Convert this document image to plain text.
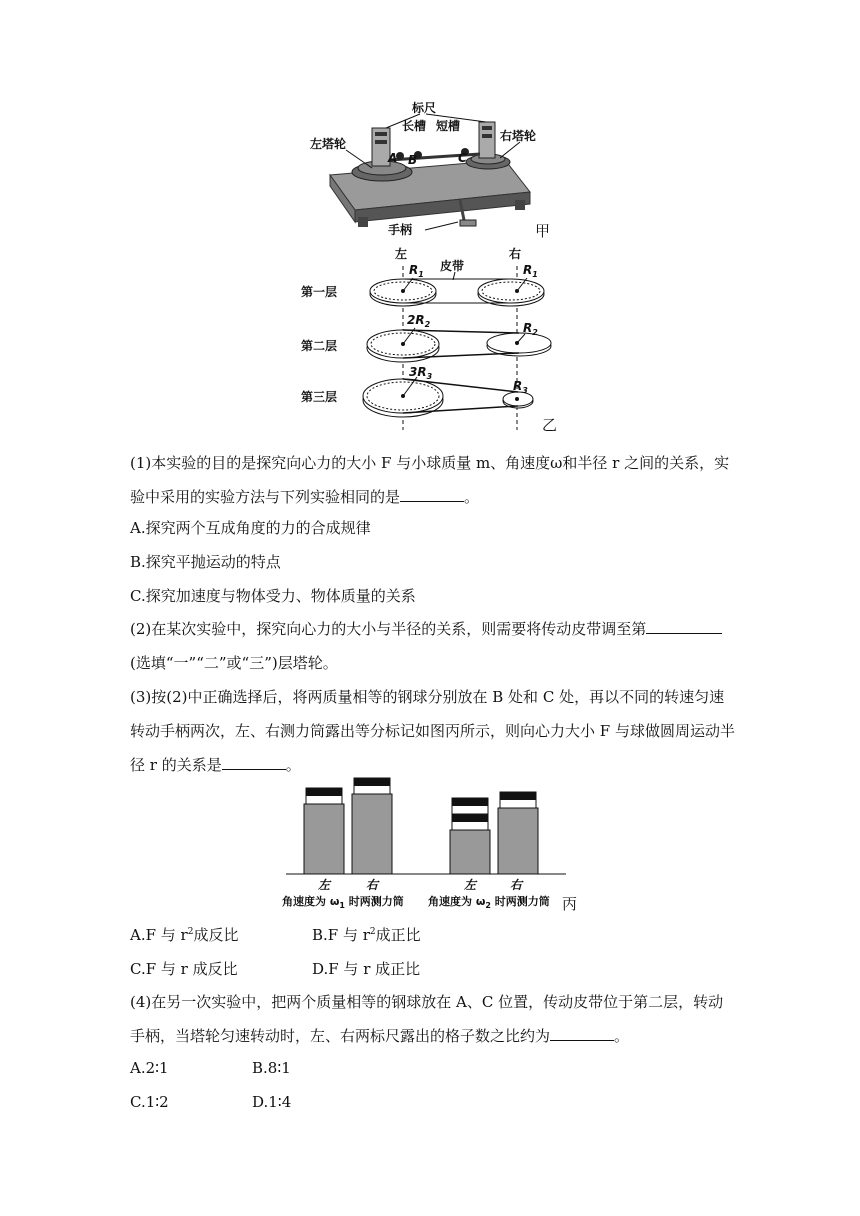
标尺
长槽 短槽
左塔轮
右塔轮
手柄
A B	C
甲
左	右
皮带
第一层
$R_1$	$R_1$
第二层
$2R_2$	$R_2$
第三层
$3R_3$
$R_3$
乙
(1)本实验的目的是探究向心力的大小 F 与小球质量 m、角速度ω和半径 r 之间的关系，实验中采用的实验方法与下列实验相同的是	。
A.探究两个互成角度的力的合成规律
B.探究平抛运动的特点
C.探究加速度与物体受力、物体质量的关系
(2)在某次实验中，探究向心力的大小与半径的关系，则需要将传动皮带调至第(选填“一”“二”或“三”)层塔轮。
(3)按(2)中正确选择后，将两质量相等的钢球分别放在 B 处和 C 处，再以不同的转速匀速转动手柄两次，左、右测力筒露出等分标记如图丙所示，则向心力大小 F 与球做圆周运动半径 r 的关系是	。
左	右	左	右
角速度为 $\omega_1$ 时两测力筒 角速度为 $\omega_2$ 时两测力筒 丙
A.F 与 $r^2$成反比	B.F 与 $r^2$成正比
C.F 与 r 成反比	D.F 与 r 成正比
(4)在另一次实验中，把两个质量相等的钢球放在 A、C 位置，传动皮带位于第二层，转动手柄，当塔轮匀速转动时，左、右两标尺露出的格子数之比约为	。
A.2∶1	B.8∶1
C.1∶2	D.1∶4
